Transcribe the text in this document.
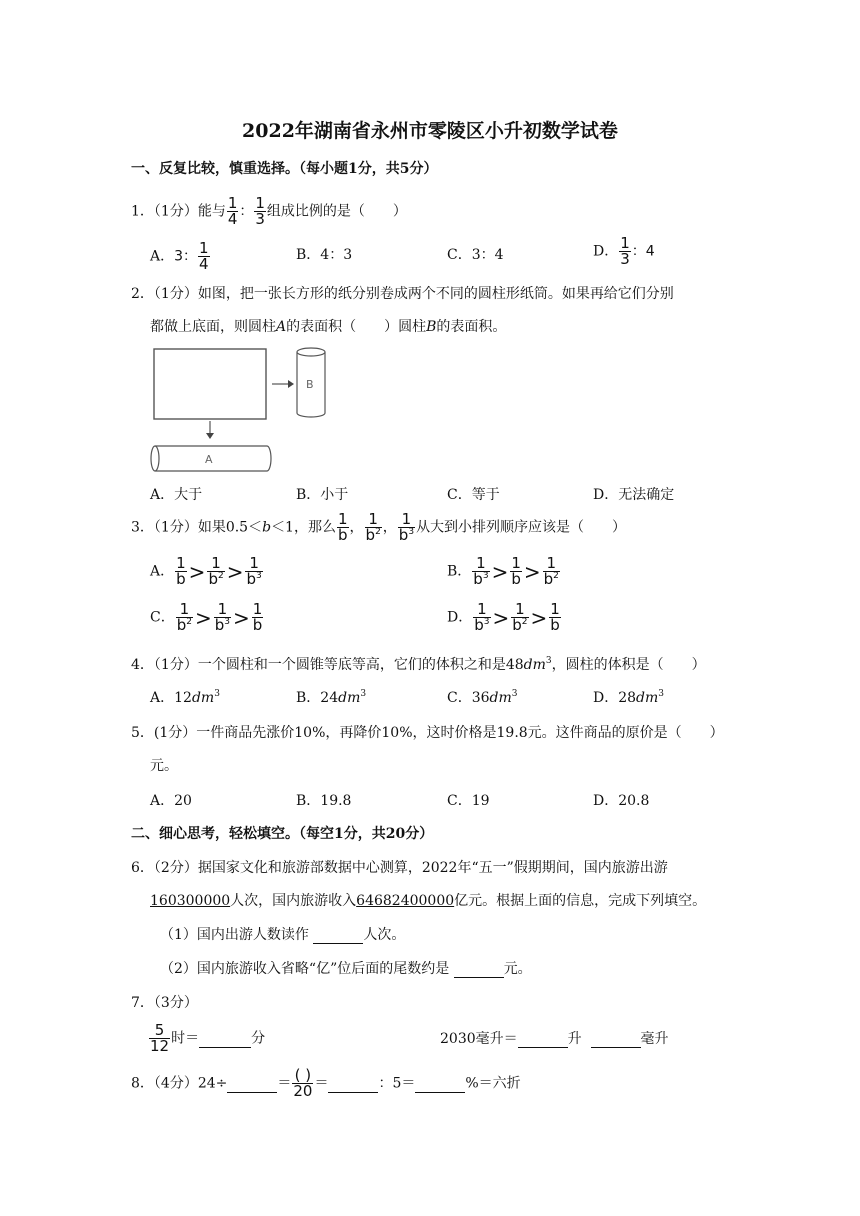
2022年湖南省永州市零陵区小升初数学试卷
一、反复比较，慎重选择。（每小题1分，共5分）
1．（1分）能与 $\frac{1}{4}$ ： $\frac{1}{3}$ 组成比例的是（　　）
A．3： $\frac{1}{4}$	B．4：3	C．3：4	D． $\frac{1}{3}$ ：4
2．（1分）如图，把一张长方形的纸分别卷成两个不同的圆柱形纸筒。如果再给它们分别
都做上底面，则圆柱A的表面积（　　）圆柱B的表面积。
B
A
A．大于	B．小于	C．等于	D．无法确定
3．（1分）如果0.5＜b＜1，那么 $\frac{1}{b}$ ， $\frac{1}{b^2}$ ， $\frac{1}{b^3}$ 从大到小排列顺序应该是（　　）
A． $\frac{1}{b} > \frac{1}{b^2} > \frac{1}{b^3}$	B． $\frac{1}{b^3} > \frac{1}{b} > \frac{1}{b^2}$
C． $\frac{1}{b^2} > \frac{1}{b^3} > \frac{1}{b}$	D． $\frac{1}{b^3} > \frac{1}{b^2} > \frac{1}{b}$
4．（1分）一个圆柱和一个圆锥等底等高，它们的体积之和是$48dm^3$，圆柱的体积是（　　）
A．$12dm^3$	B．$24dm^3$	C．$36dm^3$	D．$28dm^3$
5．(1分）一件商品先涨价10%，再降价10%，这时价格是19.8元。这件商品的原价是（　　）
元。
A．20	B．19.8	C．19	D．20.8
二、细心思考，轻松填空。（每空1分，共20分）
6．（2分）据国家文化和旅游部数据中心测算，2022年“五一”假期期间，国内旅游出游
160300000人次，国内旅游收入64682400000亿元。根据上面的信息，完成下列填空。
（1）国内出游人数读作	人次。
（2）国内旅游收入省略“亿”位后面的尾数约是	元。
7．（3分）
$\frac{5}{12}$ 时＝	分	2030毫升＝	升	毫升
8．（4分）24÷	＝ $\frac{( )}{20}$ ＝	：5＝	%＝六折
